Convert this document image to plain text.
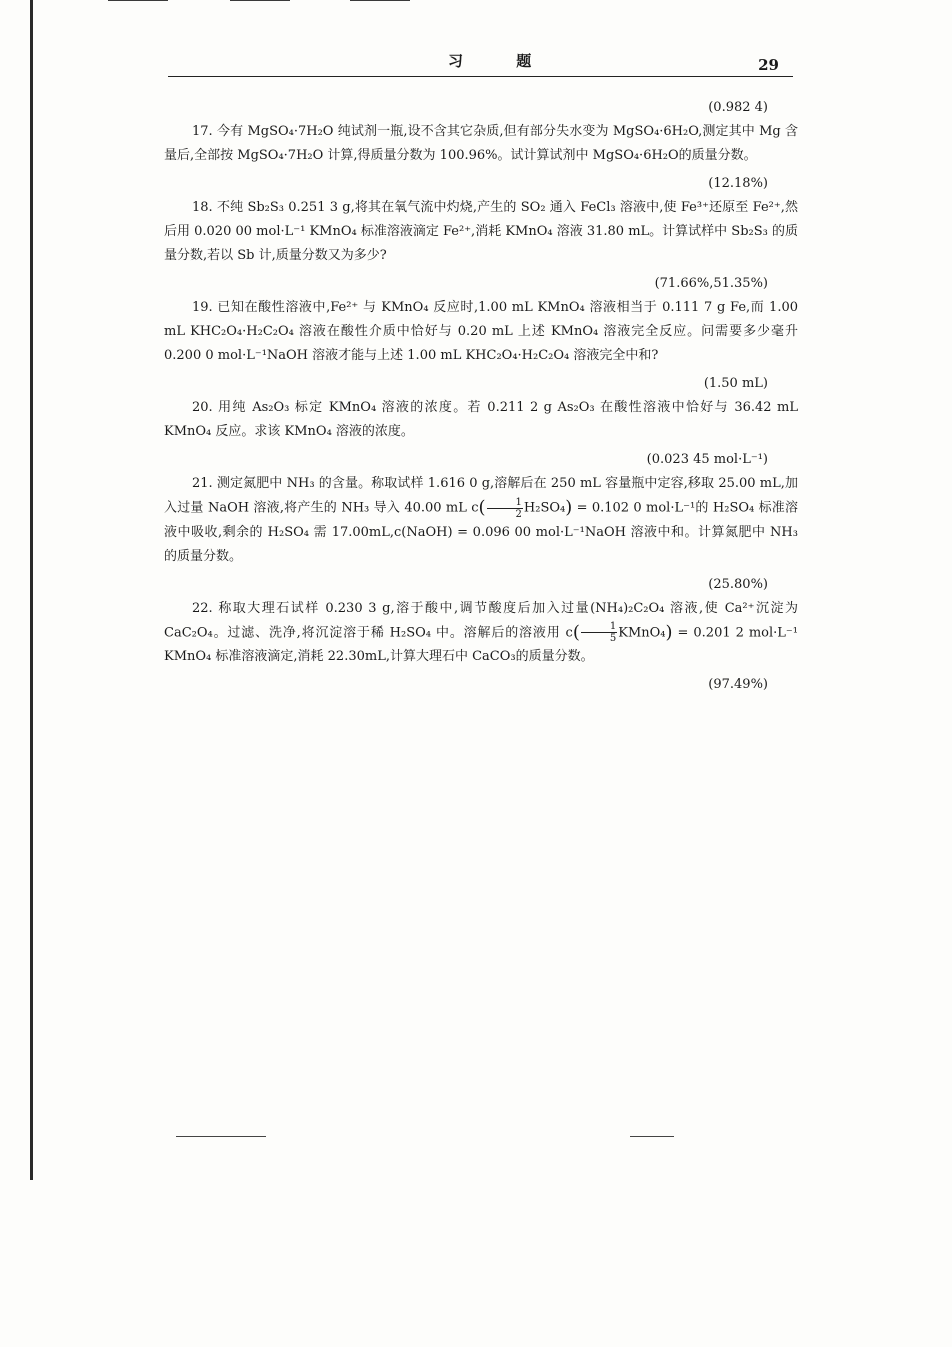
习 题	29

(0.982 4)

17. 今有 MgSO₄·7H₂O 纯试剂一瓶,设不含其它杂质,但有部分失水变为 MgSO₄·6H₂O,测定其中 Mg 含量后,全部按 MgSO₄·7H₂O 计算,得质量分数为 100.96%。试计算试剂中 MgSO₄·6H₂O的质量分数。

(12.18%)

18. 不纯 Sb₂S₃ 0.251 3 g,将其在氧气流中灼烧,产生的 SO₂ 通入 FeCl₃ 溶液中,使 Fe³⁺还原至 Fe²⁺,然后用 0.020 00 mol·L⁻¹ KMnO₄ 标准溶液滴定 Fe²⁺,消耗 KMnO₄ 溶液 31.80 mL。计算试样中 Sb₂S₃ 的质量分数,若以 Sb 计,质量分数又为多少?

(71.66%,51.35%)

19. 已知在酸性溶液中,Fe²⁺ 与 KMnO₄ 反应时,1.00 mL KMnO₄ 溶液相当于 0.111 7 g Fe,而 1.00 mL KHC₂O₄·H₂C₂O₄ 溶液在酸性介质中恰好与 0.20 mL 上述 KMnO₄ 溶液完全反应。问需要多少毫升 0.200 0 mol·L⁻¹NaOH 溶液才能与上述 1.00 mL KHC₂O₄·H₂C₂O₄ 溶液完全中和?

(1.50 mL)

20. 用纯 As₂O₃ 标定 KMnO₄ 溶液的浓度。若 0.211 2 g As₂O₃ 在酸性溶液中恰好与 36.42 mL KMnO₄ 反应。求该 KMnO₄ 溶液的浓度。

(0.023 45 mol·L⁻¹)

21. 测定氮肥中 NH₃ 的含量。称取试样 1.616 0 g,溶解后在 250 mL 容量瓶中定容,移取 25.00 mL,加入过量 NaOH 溶液,将产生的 NH₃ 导入 40.00 mL $c( \frac{1}{2} H_2SO_4) = 0.102$ 0 mol·L⁻¹的 H₂SO₄ 标准溶液中吸收,剩余的 H₂SO₄ 需 17.00mL,c(NaOH) = 0.096 00 mol·L⁻¹NaOH 溶液中和。计算氮肥中 NH₃ 的质量分数。

(25.80%)

22. 称取大理石试样 0.230 3 g,溶于酸中,调节酸度后加入过量(NH₄)₂C₂O₄ 溶液,使 Ca²⁺沉淀为 CaC₂O₄。过滤、洗净,将沉淀溶于稀 H₂SO₄ 中。溶解后的溶液用 $c( \frac{1}{5}$ KMnO₄) = 0.201 2 mol·L⁻¹ KMnO₄ 标准溶液滴定,消耗 22.30mL,计算大理石中 CaCO₃的质量分数。

(97.49%)
